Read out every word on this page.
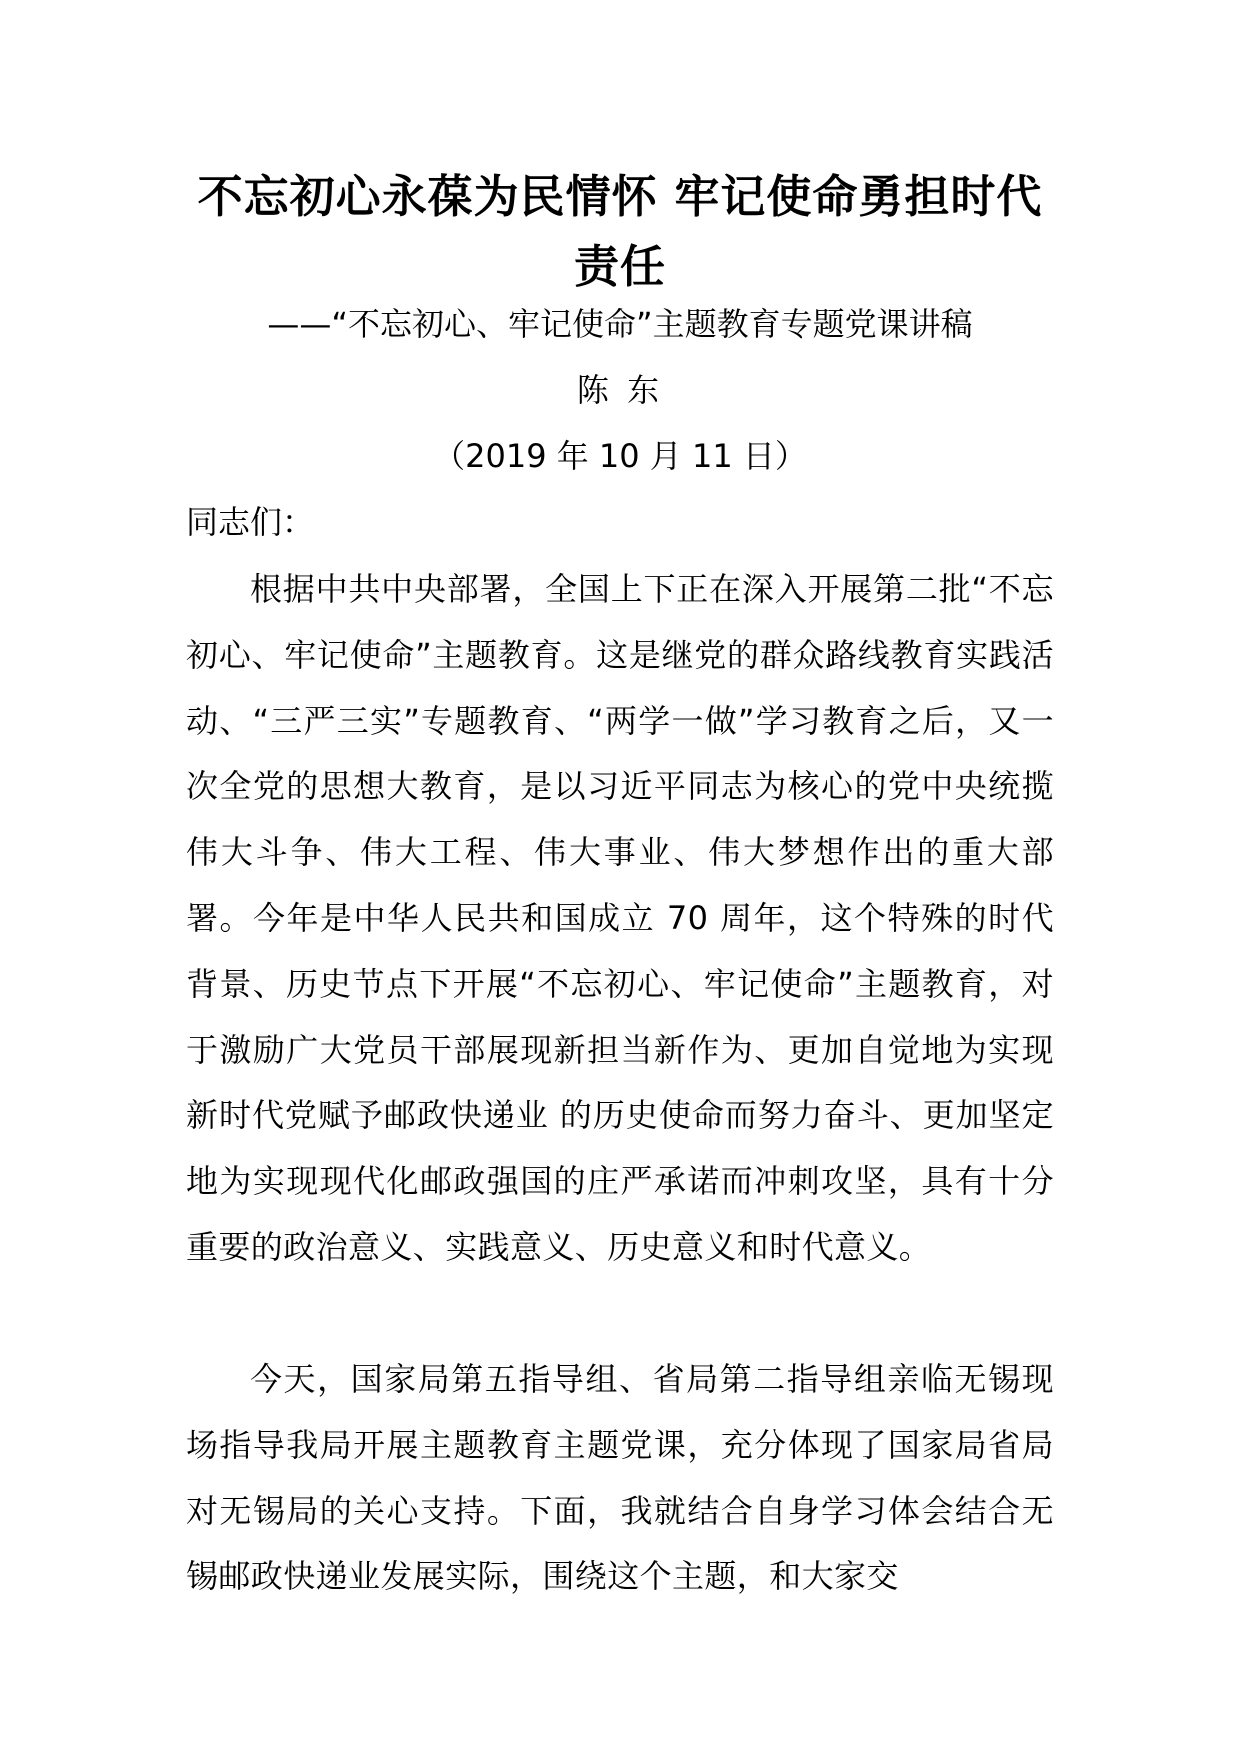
不忘初心永葆为民情怀 牢记使命勇担时代责任

——“不忘初心、牢记使命”主题教育专题党课讲稿

陈 东

（2019 年 10 月 11 日）

同志们：

根据中共中央部署，全国上下正在深入开展第二批“不忘初心、牢记使命”主题教育。这是继党的群众路线教育实践活动、“三严三实”专题教育、“两学一做”学习教育之后，又一次全党的思想大教育，是以习近平同志为核心的党中央统揽伟大斗争、伟大工程、伟大事业、伟大梦想作出的重大部署。今年是中华人民共和国成立 70 周年，这个特殊的时代背景、历史节点下开展“不忘初心、牢记使命”主题教育，对于激励广大党员干部展现新担当新作为、更加自觉地为实现新时代党赋予邮政快递业 的历史使命而努力奋斗、更加坚定地为实现现代化邮政强国的庄严承诺而冲刺攻坚，具有十分重要的政治意义、实践意义、历史意义和时代意义。

今天，国家局第五指导组、省局第二指导组亲临无锡现场指导我局开展主题教育主题党课，充分体现了国家局省局对无锡局的关心支持。下面，我就结合自身学习体会结合无锡邮政快递业发展实际，围绕这个主题，和大家交
